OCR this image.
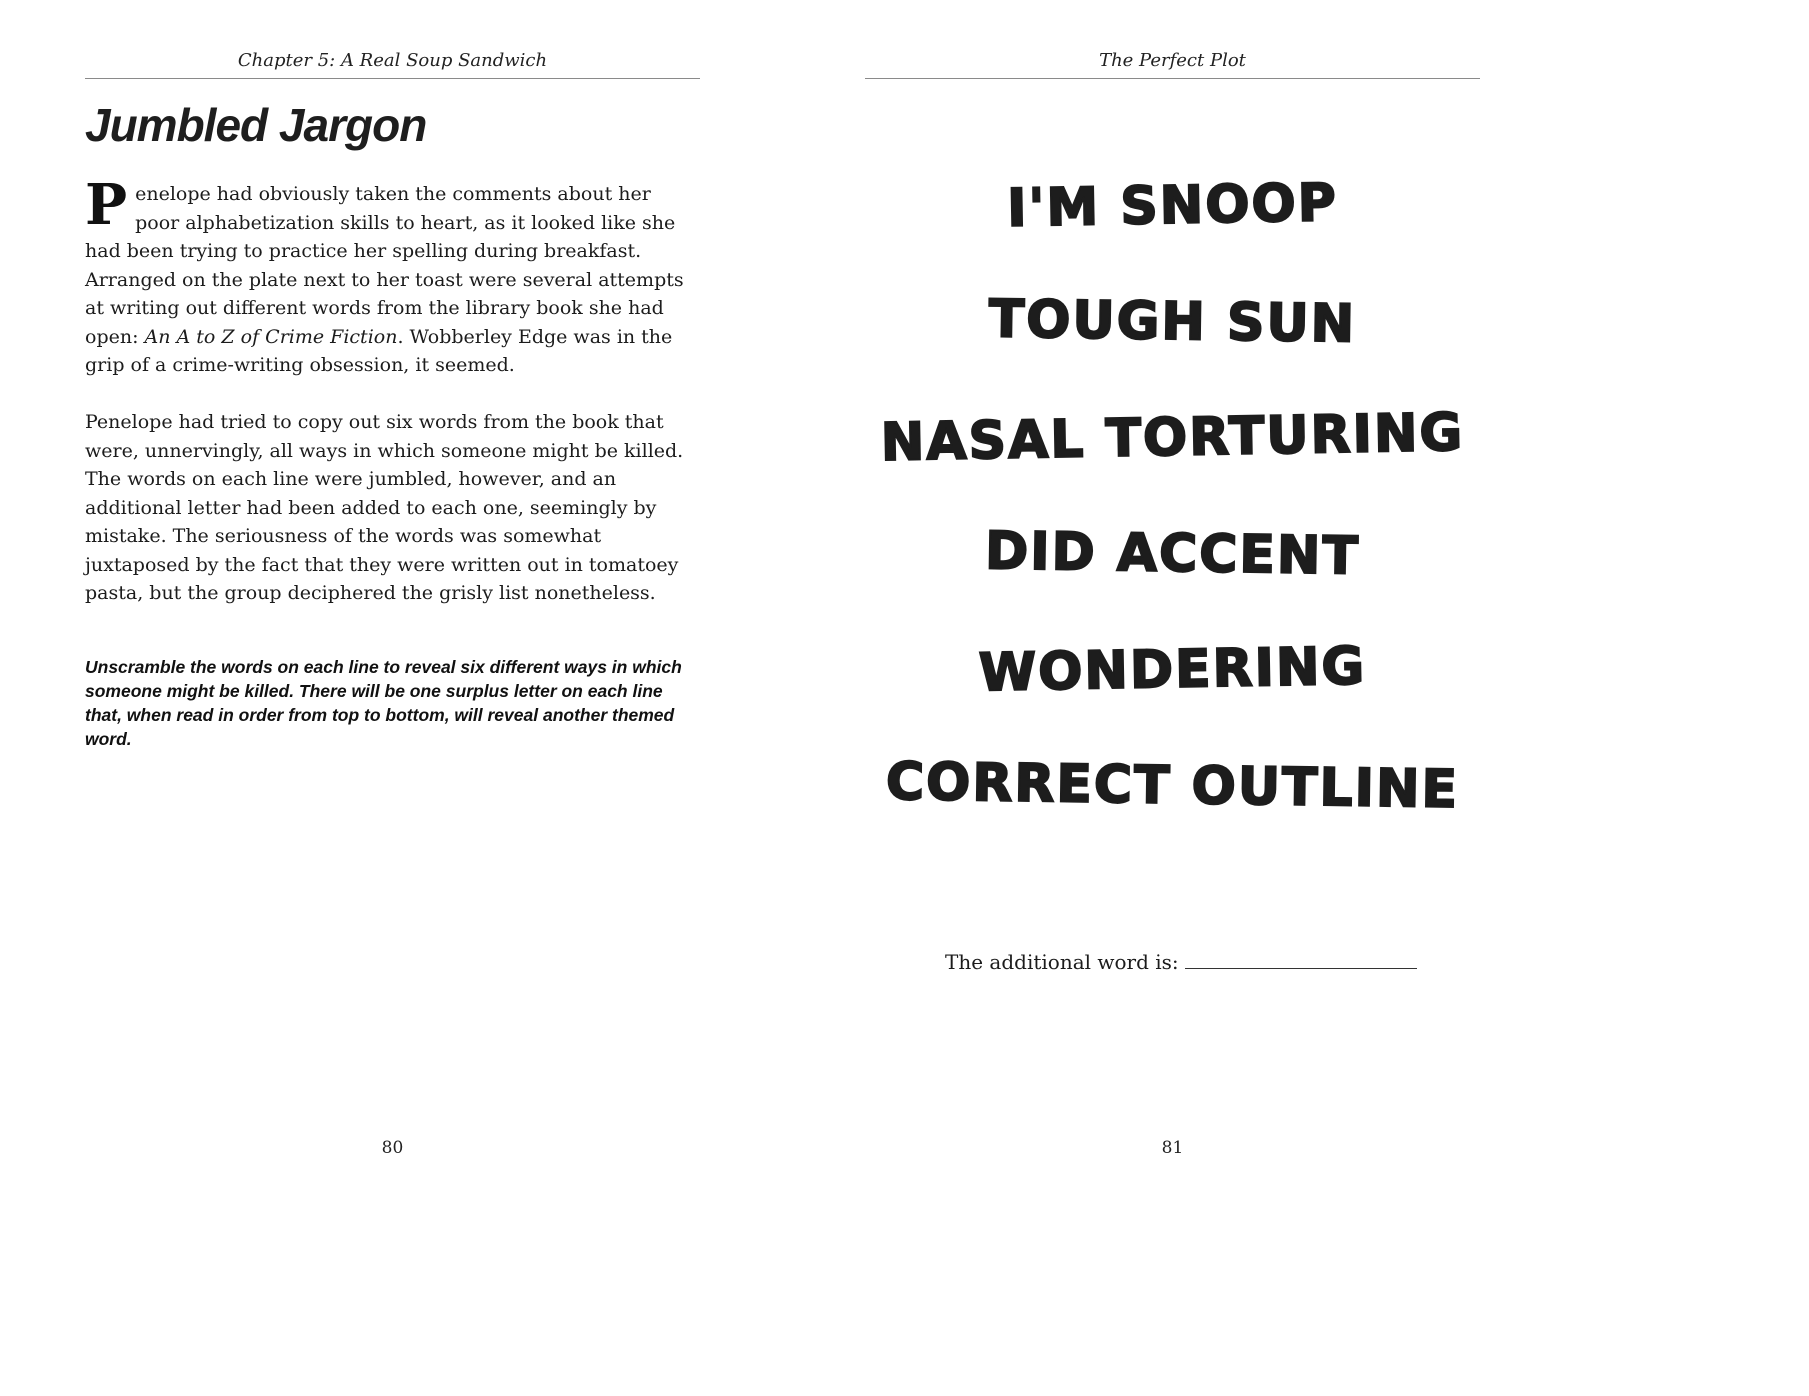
Chapter 5: A Real Soup Sandwich
Jumbled Jargon

Penelope had obviously taken the comments about her poor alphabetization skills to heart, as it looked like she had been trying to practice her spelling during breakfast. Arranged on the plate next to her toast were several attempts at writing out different words from the library book she had open: An A to Z of Crime Fiction. Wobberley Edge was in the grip of a crime-writing obsession, it seemed.

Penelope had tried to copy out six words from the book that were, unnervingly, all ways in which someone might be killed. The words on each line were jumbled, however, and an additional letter had been added to each one, seemingly by mistake. The seriousness of the words was somewhat juxtaposed by the fact that they were written out in tomatoey pasta, but the group deciphered the grisly list nonetheless.

Unscramble the words on each line to reveal six different ways in which someone might be killed. There will be one surplus letter on each line that, when read in order from top to bottom, will reveal another themed word.

80
The Perfect Plot
I'M SNOOP
TOUGH SUN
NASAL TORTURING
DID ACCENT
WONDERING
CORRECT OUTLINE
The additional word is:
81
